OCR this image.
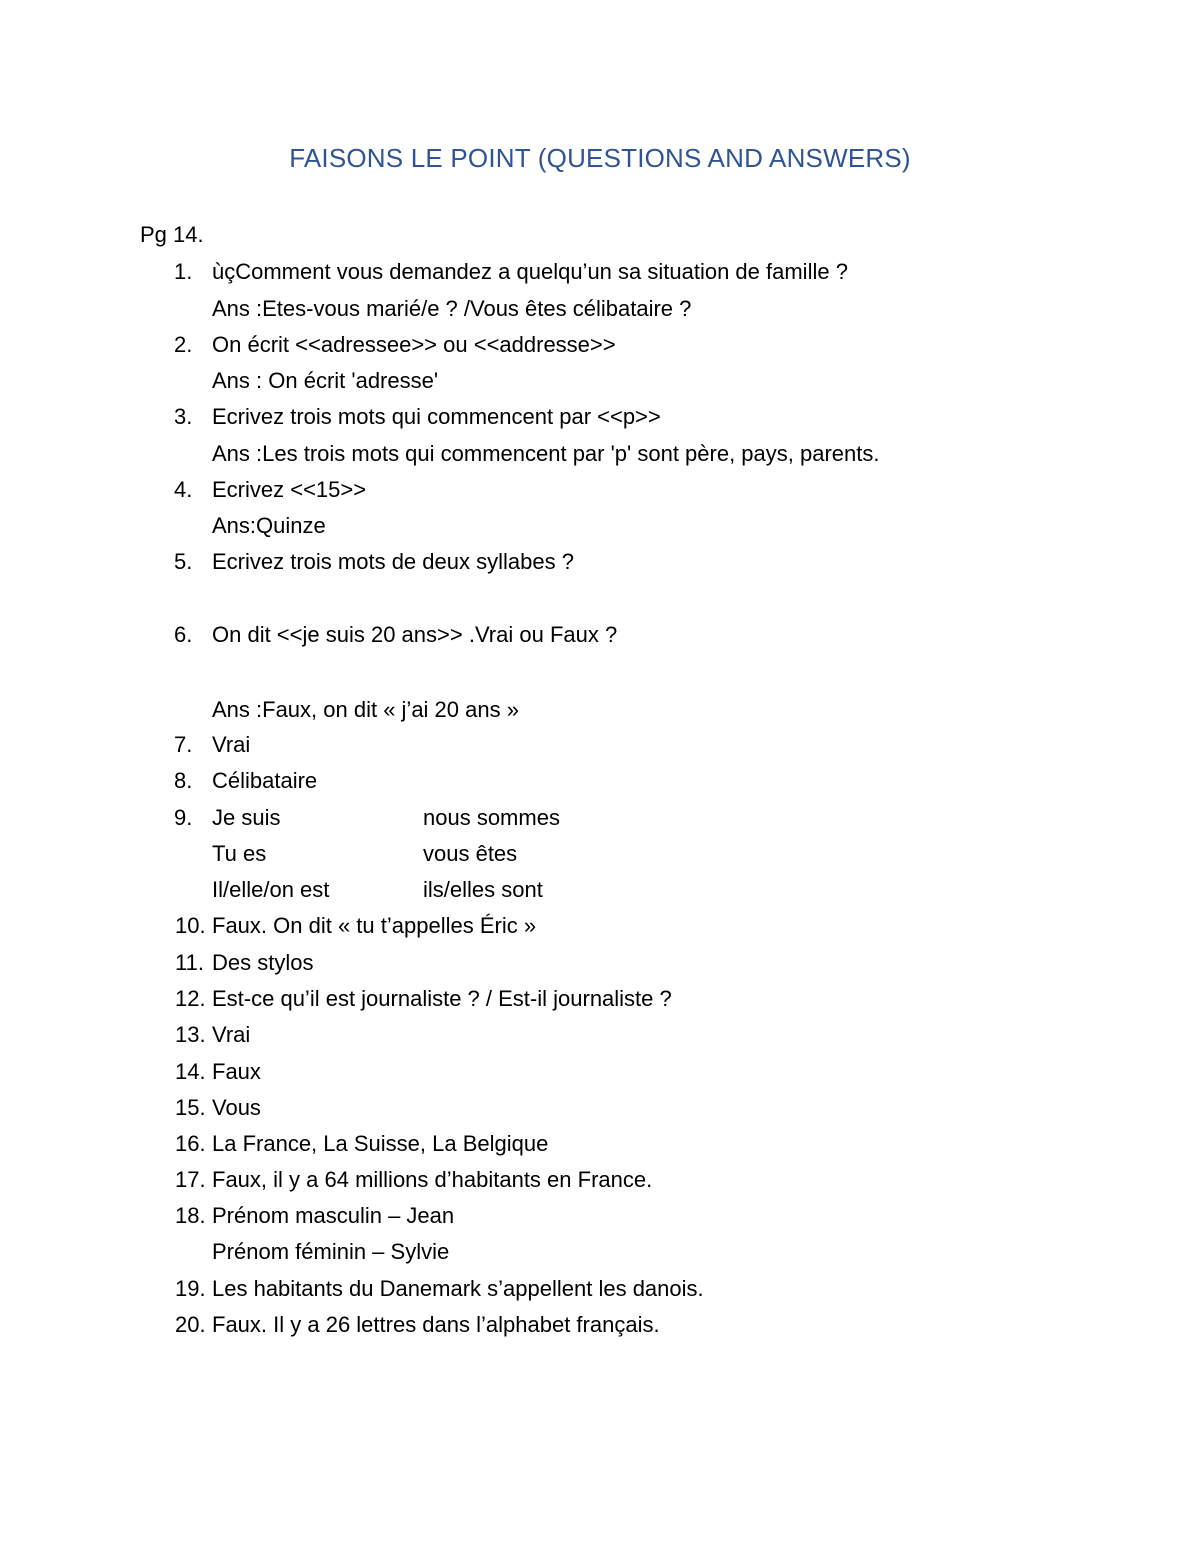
FAISONS LE POINT (QUESTIONS AND ANSWERS)
Pg 14.
1. ùçComment vous demandez a quelqu’un sa situation de famille ?
Ans :Etes-vous marié/e ? /Vous êtes célibataire ?
2. On écrit <<adressee>> ou <<addresse>>
Ans : On écrit 'adresse'
3. Ecrivez trois mots qui commencent par <<p>>
Ans :Les trois mots qui commencent par 'p' sont père, pays, parents.
4. Ecrivez <<15>>
Ans:Quinze
5. Ecrivez trois mots de deux syllabes ?
6. On dit <<je suis 20 ans>> .Vrai ou Faux ?
Ans :Faux, on dit « j’ai 20 ans »
7. Vrai
8. Célibataire
9. Je suis	nous sommes
Tu es	vous êtes
Il/elle/on est	ils/elles sont
10. Faux. On dit « tu t’appelles Éric »
11. Des stylos
12. Est-ce qu’il est journaliste ? / Est-il journaliste ?
13. Vrai
14. Faux
15. Vous
16. La France, La Suisse, La Belgique
17. Faux, il y a 64 millions d’habitants en France.
18. Prénom masculin – Jean
Prénom féminin – Sylvie
19. Les habitants du Danemark s’appellent les danois.
20. Faux. Il y a 26 lettres dans l’alphabet français.
